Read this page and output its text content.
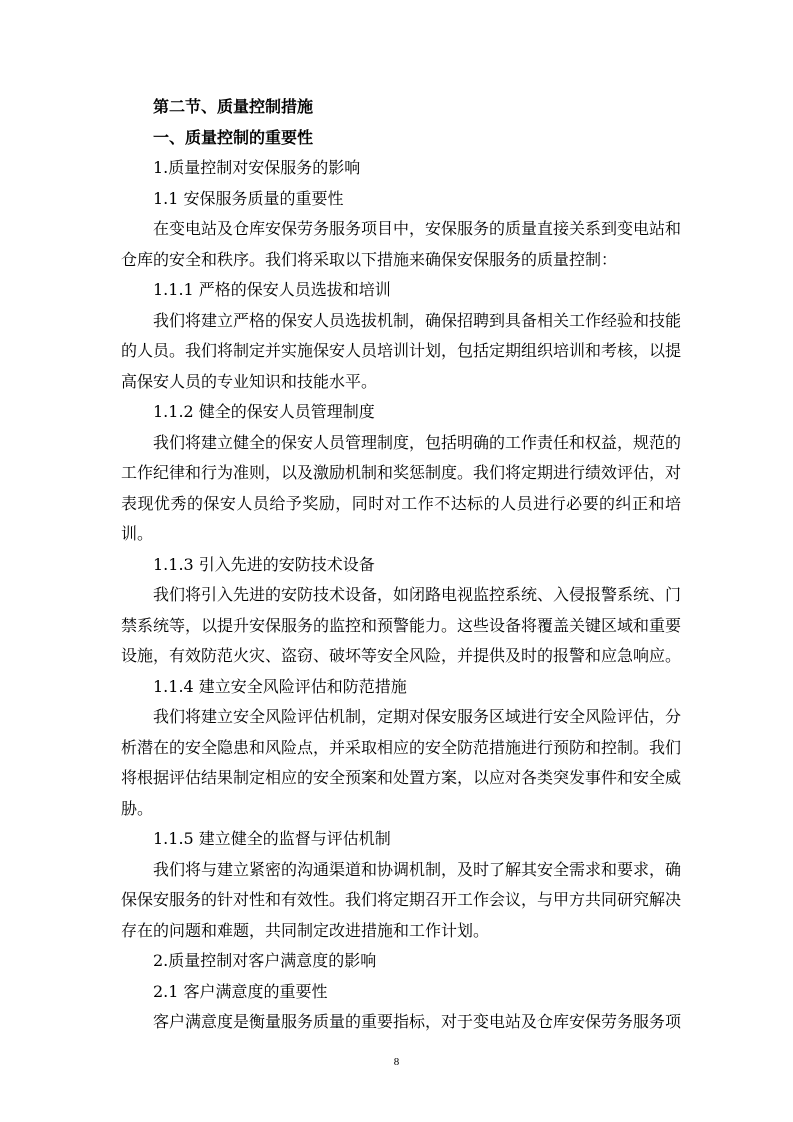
第二节、质量控制措施
一、质量控制的重要性
1.质量控制对安保服务的影响
1.1 安保服务质量的重要性
在变电站及仓库安保劳务服务项目中，安保服务的质量直接关系到变电站和仓库的安全和秩序。我们将采取以下措施来确保安保服务的质量控制：
1.1.1 严格的保安人员选拔和培训
我们将建立严格的保安人员选拔机制，确保招聘到具备相关工作经验和技能的人员。我们将制定并实施保安人员培训计划，包括定期组织培训和考核，以提高保安人员的专业知识和技能水平。
1.1.2 健全的保安人员管理制度
我们将建立健全的保安人员管理制度，包括明确的工作责任和权益，规范的工作纪律和行为准则，以及激励机制和奖惩制度。我们将定期进行绩效评估，对表现优秀的保安人员给予奖励，同时对工作不达标的人员进行必要的纠正和培训。
1.1.3 引入先进的安防技术设备
我们将引入先进的安防技术设备，如闭路电视监控系统、入侵报警系统、门禁系统等，以提升安保服务的监控和预警能力。这些设备将覆盖关键区域和重要设施，有效防范火灾、盗窃、破坏等安全风险，并提供及时的报警和应急响应。
1.1.4 建立安全风险评估和防范措施
我们将建立安全风险评估机制，定期对保安服务区域进行安全风险评估，分析潜在的安全隐患和风险点，并采取相应的安全防范措施进行预防和控制。我们将根据评估结果制定相应的安全预案和处置方案，以应对各类突发事件和安全威胁。
1.1.5 建立健全的监督与评估机制
我们将与建立紧密的沟通渠道和协调机制，及时了解其安全需求和要求，确保保安服务的针对性和有效性。我们将定期召开工作会议，与甲方共同研究解决存在的问题和难题，共同制定改进措施和工作计划。
2.质量控制对客户满意度的影响
2.1 客户满意度的重要性
客户满意度是衡量服务质量的重要指标，对于变电站及仓库安保劳务服务项
8
